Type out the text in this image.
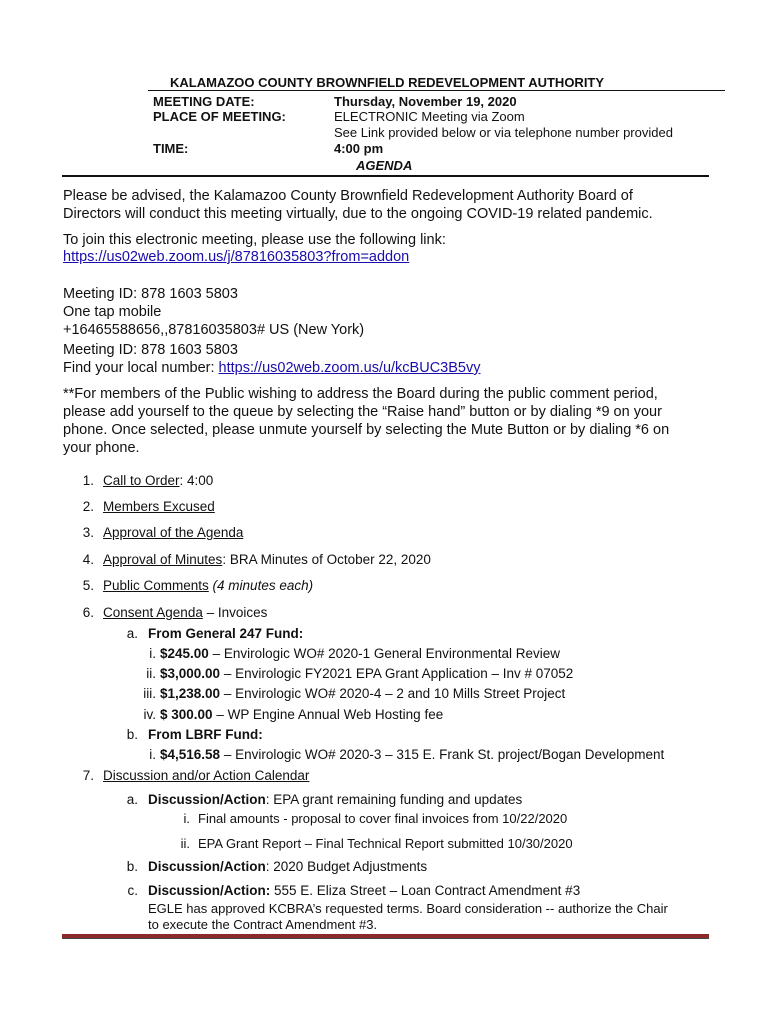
KALAMAZOO COUNTY BROWNFIELD REDEVELOPMENT AUTHORITY
MEETING DATE:	Thursday, November 19, 2020
PLACE OF MEETING:	ELECTRONIC Meeting via Zoom
See Link provided below or via telephone number provided
TIME:	4:00 pm
AGENDA
Please be advised, the Kalamazoo County Brownfield Redevelopment Authority Board of
Directors will conduct this meeting virtually, due to the ongoing COVID-19 related pandemic.
To join this electronic meeting, please use the following link:
https://us02web.zoom.us/j/87816035803?from=addon
Meeting ID: 878 1603 5803
One tap mobile
+16465588656,,87816035803# US (New York)
Meeting ID: 878 1603 5803
Find your local number: https://us02web.zoom.us/u/kcBUC3B5vy
**For members of the Public wishing to address the Board during the public comment period,
please add yourself to the queue by selecting the “Raise hand” button or by dialing *9 on your
phone. Once selected, please unmute yourself by selecting the Mute Button or by dialing *6 on
your phone.
1. Call to Order: 4:00
2. Members Excused
3. Approval of the Agenda
4. Approval of Minutes: BRA Minutes of October 22, 2020
5. Public Comments (4 minutes each)
6. Consent Agenda – Invoices
a. From General 247 Fund:
i. $245.00 – Envirologic WO# 2020-1 General Environmental Review
ii. $3,000.00 – Envirologic FY2021 EPA Grant Application – Inv # 07052
iii. $1,238.00 – Envirologic WO# 2020-4 – 2 and 10 Mills Street Project
iv. $ 300.00 – WP Engine Annual Web Hosting fee
b. From LBRF Fund:
i. $4,516.58 – Envirologic WO# 2020-3 – 315 E. Frank St. project/Bogan Development
7. Discussion and/or Action Calendar
a. Discussion/Action: EPA grant remaining funding and updates
i. Final amounts - proposal to cover final invoices from 10/22/2020
ii. EPA Grant Report – Final Technical Report submitted 10/30/2020
b. Discussion/Action: 2020 Budget Adjustments
c. Discussion/Action: 555 E. Eliza Street – Loan Contract Amendment #3
EGLE has approved KCBRA’s requested terms. Board consideration -- authorize the Chair
to execute the Contract Amendment #3.
